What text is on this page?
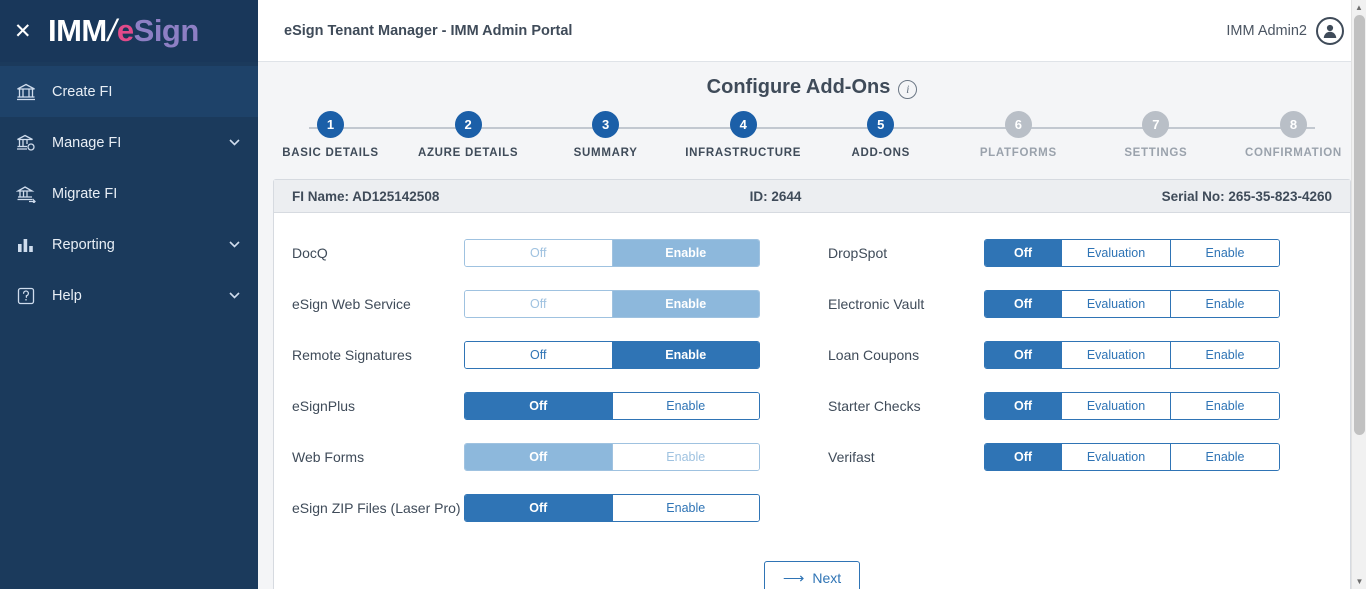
✕ IMM
/
e Sign
Create FI
Manage FI
Migrate FI
Reporting
Help
eSign Tenant Manager - IMM Admin Portal	IMM Admin2
Configure Add-Ons	i
1
BASIC DETAILS
2
AZURE DETAILS
3
SUMMARY
4
INFRASTRUCTURE
5
ADD-ONS
6
PLATFORMS
7
SETTINGS
8
CONFIRMATION
FI Name: AD125142508	ID: 2644	Serial No: 265-35-823-4260
DocQ	Off	Enable
eSign Web Service	Off	Enable
Remote Signatures	Off	Enable
eSignPlus	Off	Enable
Web Forms	Off	Enable
eSign ZIP Files (Laser Pro)	Off	Enable
DropSpot	Off	Evaluation	Enable
Electronic Vault	Off	Evaluation	Enable
Loan Coupons	Off	Evaluation	Enable
Starter Checks	Off	Evaluation	Enable
Verifast	Off	Evaluation	Enable
⟶ Next
▲
▼
